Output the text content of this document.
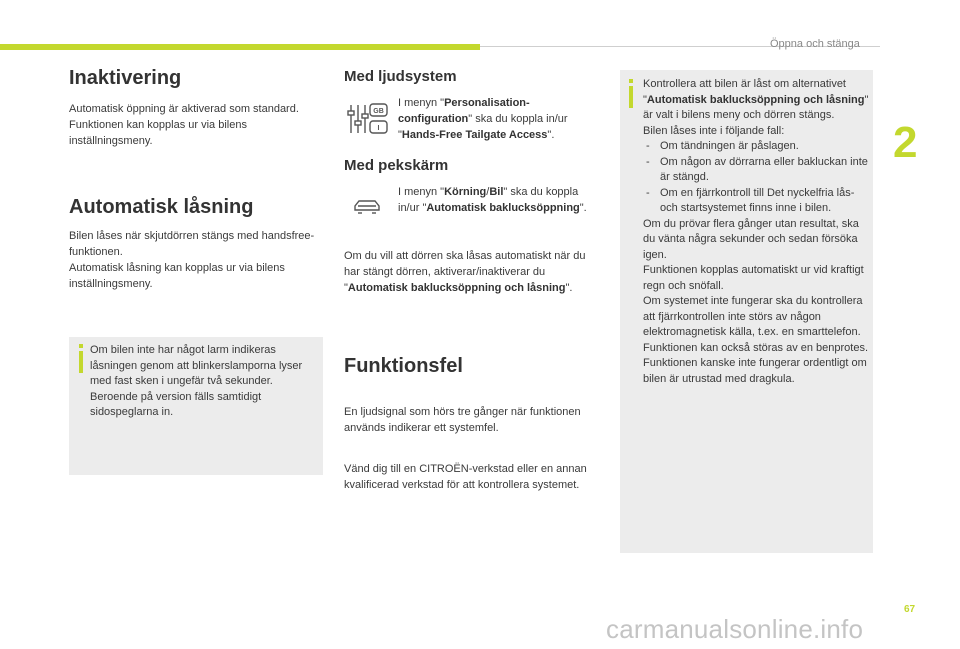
Öppna och stänga
2
Inaktivering

Automatisk öppning är aktiverad som standard. Funktionen kan kopplas ur via bilens inställningsmeny.

Automatisk låsning

Bilen låses när skjutdörren stängs med handsfree-funktionen.

Automatisk låsning kan kopplas ur via bilens inställningsmeny.

Om bilen inte har något larm indikeras låsningen genom att blinkerslamporna lyser med fast sken i ungefär två sekunder.
Beroende på version fälls samtidigt sidospeglarna in.
Med ljudsystem
GB
I

I menyn "Personalisation-configuration" ska du koppla in/ur "Hands-Free Tailgate Access".

Med pekskärm

I menyn "Körning/Bil" ska du koppla in/ur "Automatisk baklucksöppning".

Om du vill att dörren ska låsas automatiskt när du har stängt dörren, aktiverar/inaktiverar du "Automatisk baklucksöppning och låsning".

Funktionsfel

En ljudsignal som hörs tre gånger när funktionen används indikerar ett systemfel.

Vänd dig till en CITROËN-verkstad eller en annan kvalificerad verkstad för att kontrollera systemet.

Kontrollera att bilen är låst om alternativet "Automatisk baklucksöppning och låsning" är valt i bilens meny och dörren stängs.
Bilen låses inte i följande fall:
- Om tändningen är påslagen.
- Om någon av dörrarna eller bakluckan inte är stängd.
- Om en fjärrkontroll till Det nyckelfria lås- och startsystemet finns inne i bilen.
Om du prövar flera gånger utan resultat, ska du vänta några sekunder och sedan försöka igen.
Funktionen kopplas automatiskt ur vid kraftigt regn och snöfall.
Om systemet inte fungerar ska du kontrollera att fjärrkontrollen inte störs av någon elektromagnetisk källa, t.ex. en smarttelefon.
Funktionen kan också störas av en benprotes.
Funktionen kanske inte fungerar ordentligt om bilen är utrustad med dragkula.
67
carmanualsonline.info
